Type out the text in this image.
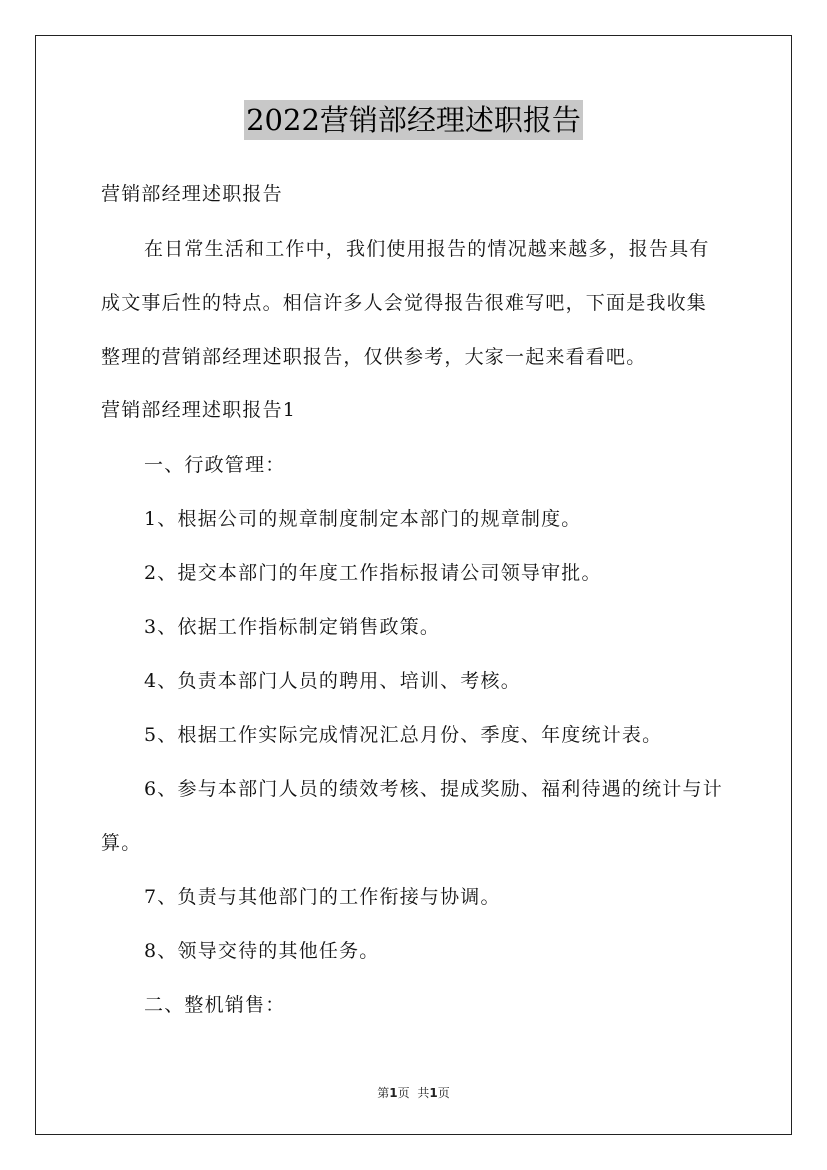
2022营销部经理述职报告
营销部经理述职报告
在日常生活和工作中，我们使用报告的情况越来越多，报告具有
成文事后性的特点。相信许多人会觉得报告很难写吧，下面是我收集
整理的营销部经理述职报告，仅供参考，大家一起来看看吧。
营销部经理述职报告1
一、行政管理：
1、根据公司的规章制度制定本部门的规章制度。
2、提交本部门的年度工作指标报请公司领导审批。
3、依据工作指标制定销售政策。
4、负责本部门人员的聘用、培训、考核。
5、根据工作实际完成情况汇总月份、季度、年度统计表。
6、参与本部门人员的绩效考核、提成奖励、福利待遇的统计与计
算。
7、负责与其他部门的工作衔接与协调。
8、领导交待的其他任务。
二、整机销售：
第1页 共1页
